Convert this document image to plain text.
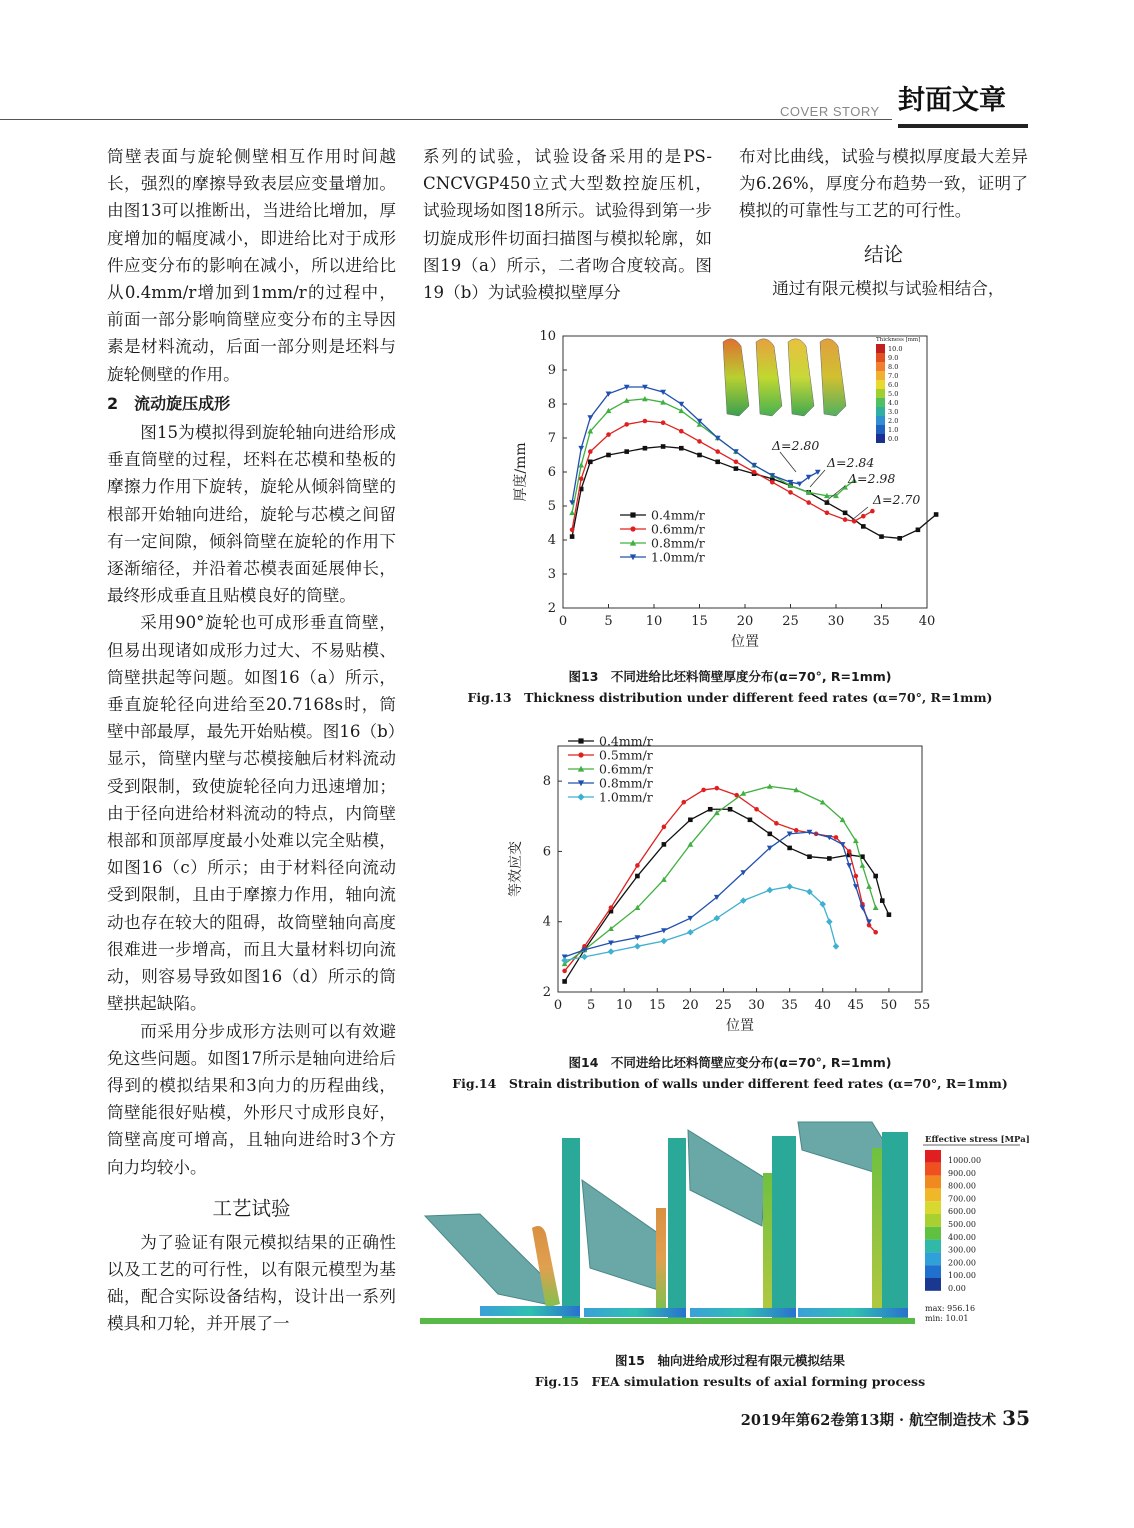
COVER STORY 封面文章

筒壁表面与旋轮侧壁相互作用时间越长，强烈的摩擦导致表层应变量增加。由图13可以推断出，当进给比增加，厚度增加的幅度减小，即进给比对于成形件应变分布的影响在减小，所以进给比从0.4mm/r增加到1mm/r的过程中，前面一部分影响筒壁应变分布的主导因素是材料流动，后面一部分则是坯料与旋轮侧壁的作用。

2　流动旋压成形

图15为模拟得到旋轮轴向进给形成垂直筒壁的过程，坯料在芯模和垫板的摩擦力作用下旋转，旋轮从倾斜筒壁的根部开始轴向进给，旋轮与芯模之间留有一定间隙，倾斜筒壁在旋轮的作用下逐渐缩径，并沿着芯模表面延展伸长，最终形成垂直且贴模良好的筒壁。

采用90°旋轮也可成形垂直筒壁，但易出现诸如成形力过大、不易贴模、筒壁拱起等问题。如图16（a）所示，垂直旋轮径向进给至20.7168s时，筒壁中部最厚，最先开始贴模。图16（b）显示，筒壁内壁与芯模接触后材料流动受到限制，致使旋轮径向力迅速增加；由于径向进给材料流动的特点，内筒壁根部和顶部厚度最小处难以完全贴模，如图16（c）所示；由于材料径向流动受到限制，且由于摩擦力作用，轴向流动也存在较大的阻碍，故筒壁轴向高度很难进一步增高，而且大量材料切向流动，则容易导致如图16（d）所示的筒壁拱起缺陷。

而采用分步成形方法则可以有效避免这些问题。如图17所示是轴向进给后得到的模拟结果和3向力的历程曲线，筒壁能很好贴模，外形尺寸成形良好，筒壁高度可增高，且轴向进给时3个方向力均较小。

工艺试验

为了验证有限元模拟结果的正确性以及工艺的可行性，以有限元模型为基础，配合实际设备结构，设计出一系列模具和刀轮，并开展了一

系列的试验，试验设备采用的是PS-CNCVGP450立式大型数控旋压机，试验现场如图18所示。试验得到第一步切旋成形件切面扫描图与模拟轮廓，如图19（a）所示，二者吻合度较高。图19（b）为试验模拟壁厚分

布对比曲线，试验与模拟厚度最大差异为6.26%，厚度分布趋势一致，证明了模拟的可靠性与工艺的可行性。

结论

通过有限元模拟与试验相结合，

0	5	10 15 20 25 30 35 40
2
3
4
5
6
7
8
9
10
位置
厚度/mm
0.4mm/r
0.6mm/r
0.8mm/r
1.0mm/r
Δ=2.80
Δ=2.84
Δ=2.98
Δ=2.70
Thickness [mm]
10.0
9.0
8.0
7.0
6.0
5.0
4.0
3.0
2.0
1.0
0.0
图13　不同进给比坯料筒壁厚度分布(α=70°, R=1mm)
Fig.13　Thickness distribution under different feed rates (α=70°, R=1mm)
0 5 10 15 20 25 30 35 40 45 50 55
2
4
6
8
位置
等效应变
0.4mm/r
0.5mm/r
0.6mm/r
0.8mm/r
1.0mm/r
图14　不同进给比坯料筒壁应变分布(α=70°, R=1mm)
Fig.14　Strain distribution of walls under different feed rates (α=70°, R=1mm)
Effective stress [MPa]
1000.00
900.00
800.00
700.00
600.00
500.00
400.00
300.00
200.00
100.00
0.00
max: 956.16
min: 10.01
图15　轴向进给成形过程有限元模拟结果
Fig.15　FEA simulation results of axial forming process
2019年第62卷第13期 · 航空制造技术 35
